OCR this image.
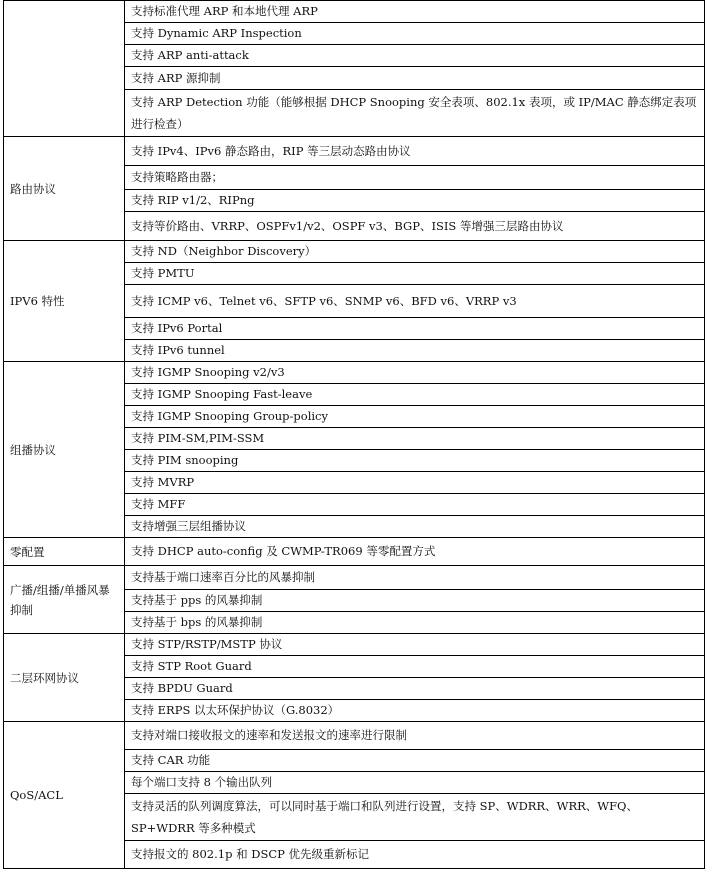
	支持标准代理 ARP 和本地代理 ARP
	支持 Dynamic ARP Inspection
	支持 ARP anti-attack
	支持 ARP 源抑制
	支持 ARP Detection 功能（能够根据 DHCP Snooping 安全表项、802.1x 表项，或 IP/MAC 静态绑定表项进行检查）
路由协议	支持 IPv4、IPv6 静态路由，RIP 等三层动态路由协议
	支持策略路由器；
	支持 RIP v1/2、RIPng
	支持等价路由、VRRP、OSPFv1/v2、OSPF v3、BGP、ISIS 等增强三层路由协议
IPV6 特性	支持 ND（Neighbor Discovery）
	支持 PMTU
	支持 ICMP v6、Telnet v6、SFTP v6、SNMP v6、BFD v6、VRRP v3
	支持 IPv6 Portal
	支持 IPv6 tunnel
组播协议	支持 IGMP Snooping v2/v3
	支持 IGMP Snooping Fast-leave
	支持 IGMP Snooping Group-policy
	支持 PIM-SM,PIM-SSM
	支持 PIM snooping
	支持 MVRP
	支持 MFF
	支持增强三层组播协议
零配置	支持 DHCP auto-config 及 CWMP-TR069 等零配置方式
广播/组播/单播风暴抑制	支持基于端口速率百分比的风暴抑制
	支持基于 pps 的风暴抑制
	支持基于 bps 的风暴抑制
二层环网协议	支持 STP/RSTP/MSTP 协议
	支持 STP Root Guard
	支持 BPDU Guard
	支持 ERPS 以太环保护协议（G.8032）
QoS/ACL	支持对端口接收报文的速率和发送报文的速率进行限制
	支持 CAR 功能
	每个端口支持 8 个输出队列
	支持灵活的队列调度算法，可以同时基于端口和队列进行设置，支持 SP、WDRR、WRR、WFQ、SP+WDRR 等多种模式
	支持报文的 802.1p 和 DSCP 优先级重新标记
